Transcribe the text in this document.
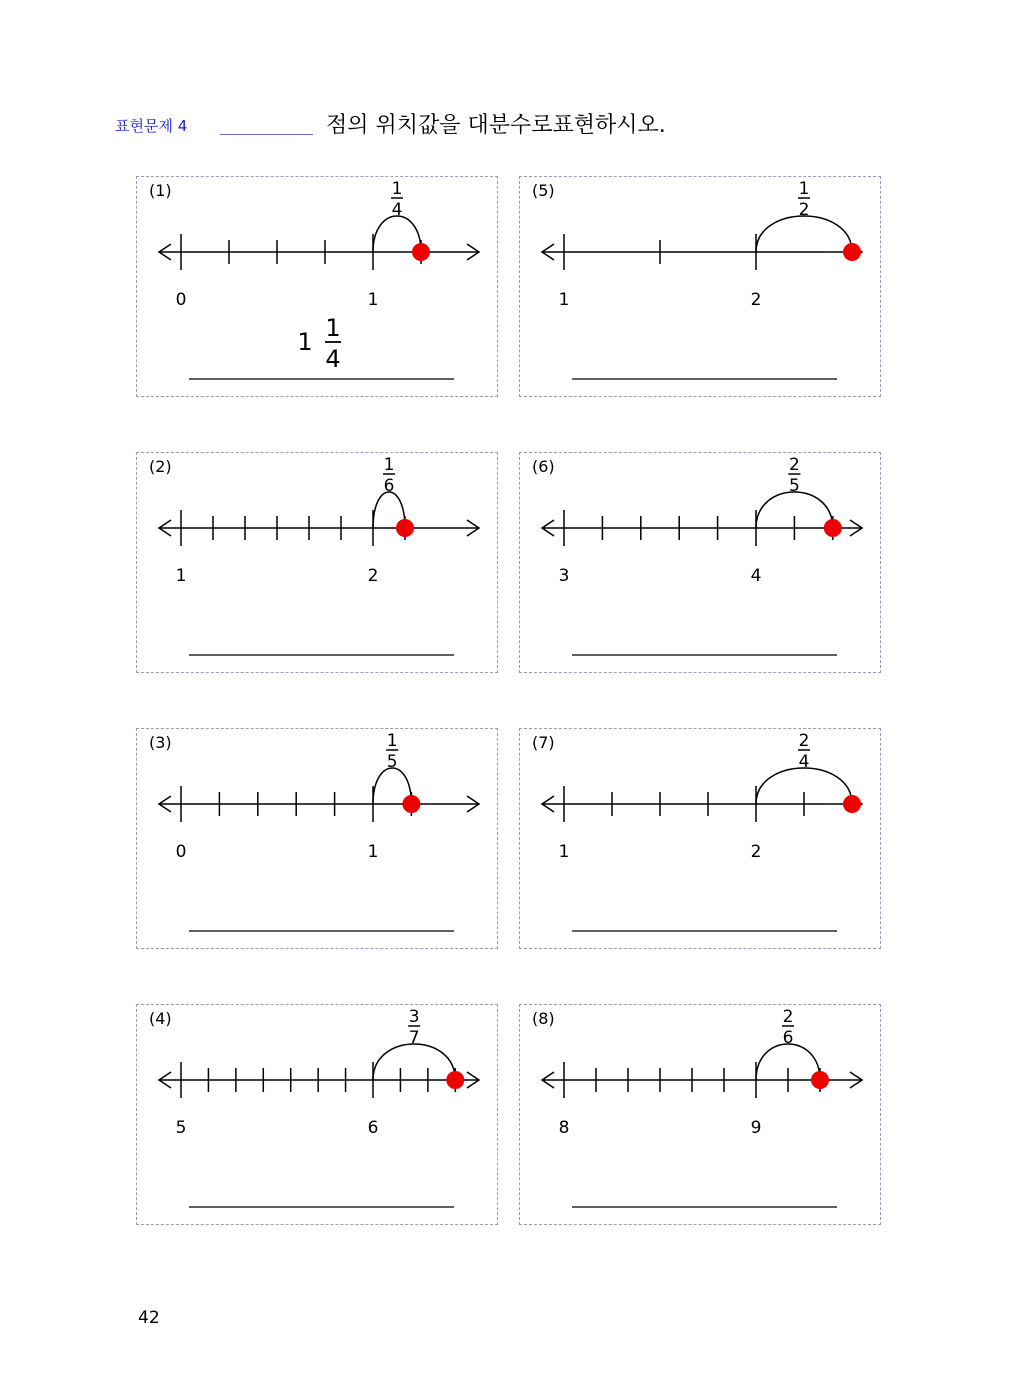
표현문제 4	점의 위치값을 대분수로표현하시오.
(1)
0	1
1
4
1 1
4
(2)
1	2
1
6
(3)
0	1
1
5
(4)
5	6
3
7
(5)
1	2
1
2
(6)
3	4
2
5
(7)
1	2
2
4
(8)
8	9
2
6
42
